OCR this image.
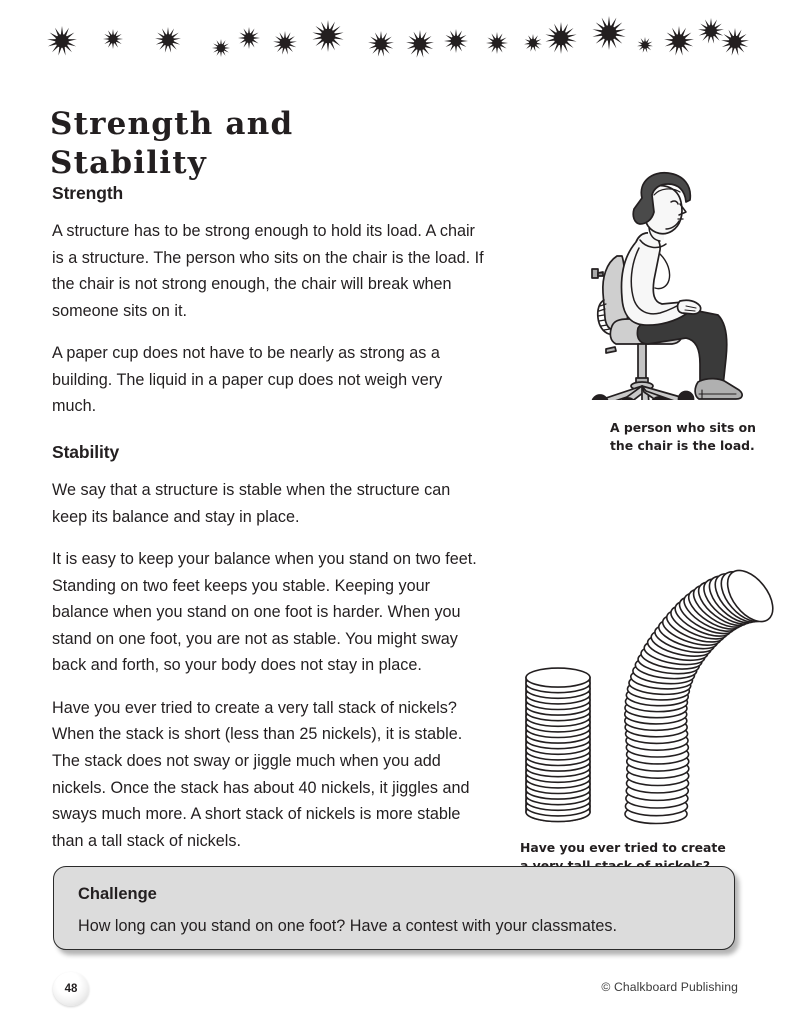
Strength and
Stability
Strength

A structure has to be strong enough to hold its load. A chair is a structure. The person who sits on the chair is the load. If the chair is not strong enough, the chair will break when someone sits on it.

A paper cup does not have to be nearly as strong as a building. The liquid in a paper cup does not weigh very much.

Stability

We say that a structure is stable when the structure can keep its balance and stay in place.

It is easy to keep your balance when you stand on two feet. Standing on two feet keeps you stable. Keeping your balance when you stand on one foot is harder. When you stand on one foot, you are not as stable. You might sway back and forth, so your body does not stay in place.

Have you ever tried to create a very tall stack of nickels? When the stack is short (less than 25 nickels), it is stable. The stack does not sway or jiggle much when you add nickels. Once the stack has about 40 nickels, it jiggles and sways much more. A short stack of nickels is more stable than a tall stack of nickels.

A person who sits on
the chair is the load.
Have you ever tried to create

Challenge
How long can you stand on one foot? Have a contest with your classmates.
48	© Chalkboard Publishing
